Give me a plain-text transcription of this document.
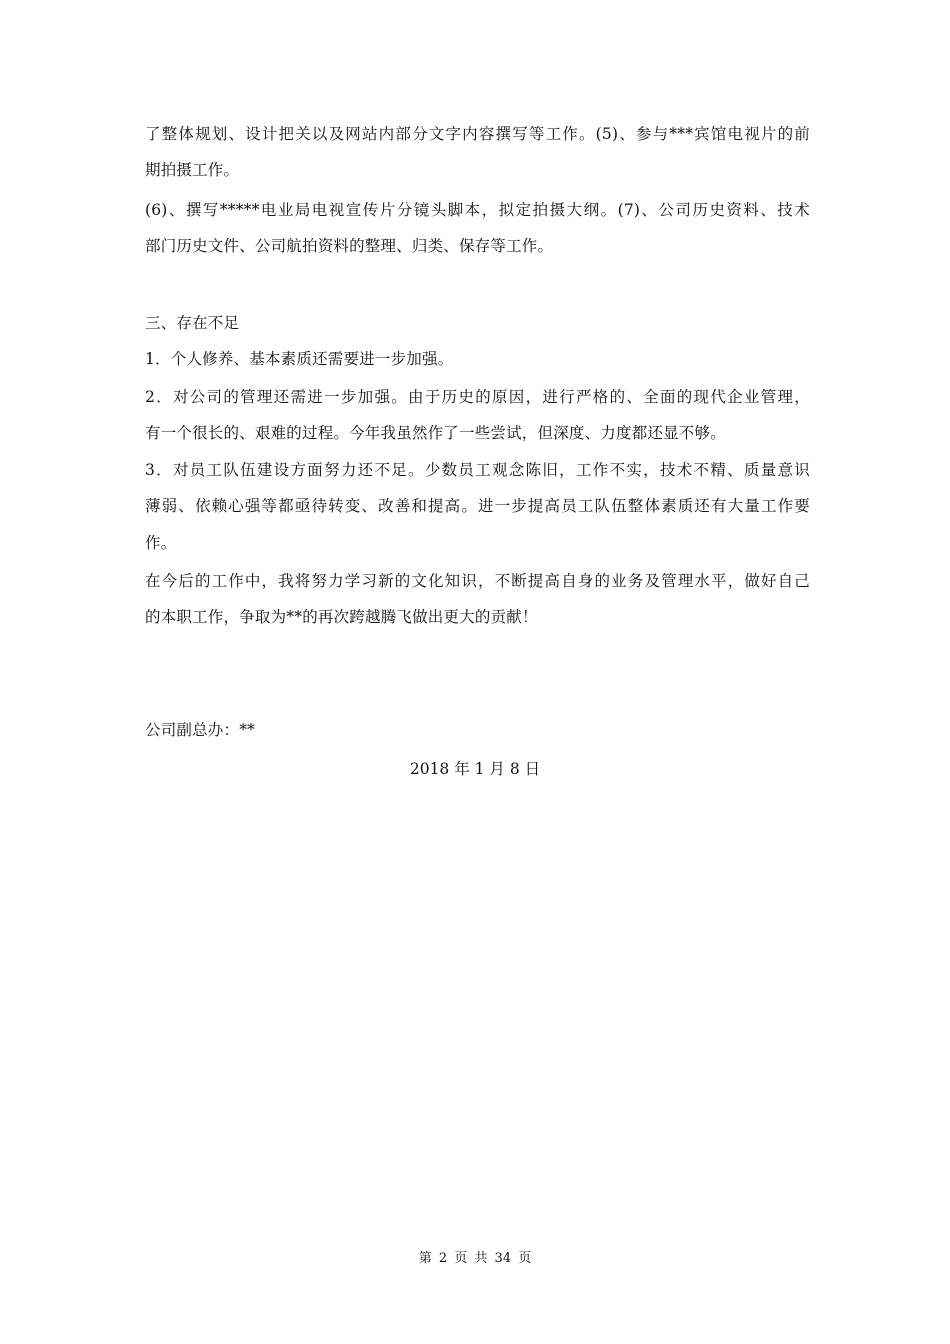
了整体规划、设计把关以及网站内部分文字内容撰写等工作。(5)、参与***宾馆电视片的前
期拍摄工作。
(6)、撰写*****电业局电视宣传片分镜头脚本，拟定拍摄大纲。(7)、公司历史资料、技术
部门历史文件、公司航拍资料的整理、归类、保存等工作。
三、存在不足
1．个人修养、基本素质还需要进一步加强。
2．对公司的管理还需进一步加强。由于历史的原因，进行严格的、全面的现代企业管理，
有一个很长的、艰难的过程。今年我虽然作了一些尝试，但深度、力度都还显不够。
3．对员工队伍建设方面努力还不足。少数员工观念陈旧，工作不实，技术不精、质量意识
薄弱、依赖心强等都亟待转变、改善和提高。进一步提高员工队伍整体素质还有大量工作要
作。
在今后的工作中，我将努力学习新的文化知识，不断提高自身的业务及管理水平，做好自己
的本职工作，争取为**的再次跨越腾飞做出更大的贡献！
公司副总办：**
2018 年 1 月 8 日
第 2 页 共 34 页
